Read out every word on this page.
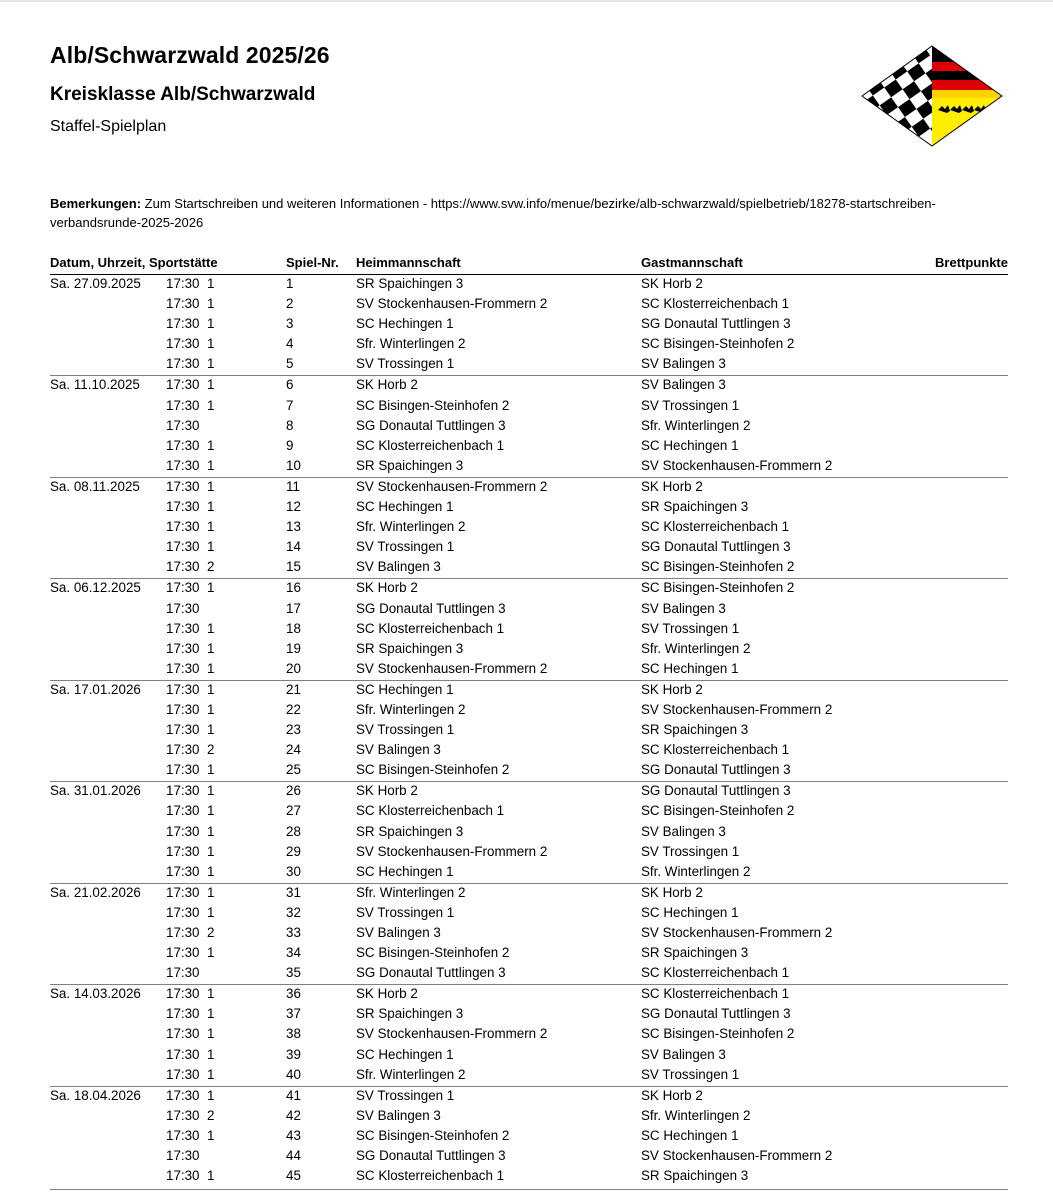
Alb/Schwarzwald 2025/26
Kreisklasse Alb/Schwarzwald
Staffel-Spielplan
Bemerkungen: Zum Startschreiben und weiteren Informationen - https://www.svw.info/menue/bezirke/alb-schwarzwald/spielbetrieb/18278-startschreiben-verbandsrunde-2025-2026
Datum, Uhrzeit, Sportstätte	Spiel-Nr. Heimmannschaft	Gastmannschaft	Brettpunkte
Sa. 27.09.2025 17:30 1	1	SR Spaichingen 3	SK Horb 2
17:30 1	2	SV Stockenhausen-Frommern 2	SC Klosterreichenbach 1
17:30 1	3	SC Hechingen 1	SG Donautal Tuttlingen 3
17:30 1	4	Sfr. Winterlingen 2	SC Bisingen-Steinhofen 2
17:30 1	5	SV Trossingen 1	SV Balingen 3
Sa. 11.10.2025 17:30 1	6	SK Horb 2	SV Balingen 3
17:30 1	7	SC Bisingen-Steinhofen 2	SV Trossingen 1
17:30	8	SG Donautal Tuttlingen 3	Sfr. Winterlingen 2
17:30 1	9	SC Klosterreichenbach 1	SC Hechingen 1
17:30 1	10	SR Spaichingen 3	SV Stockenhausen-Frommern 2
Sa. 08.11.2025 17:30 1	11	SV Stockenhausen-Frommern 2	SK Horb 2
17:30 1	12	SC Hechingen 1	SR Spaichingen 3
17:30 1	13	Sfr. Winterlingen 2	SC Klosterreichenbach 1
17:30 1	14	SV Trossingen 1	SG Donautal Tuttlingen 3
17:30 2	15	SV Balingen 3	SC Bisingen-Steinhofen 2
Sa. 06.12.2025 17:30 1	16	SK Horb 2	SC Bisingen-Steinhofen 2
17:30	17	SG Donautal Tuttlingen 3	SV Balingen 3
17:30 1	18	SC Klosterreichenbach 1	SV Trossingen 1
17:30 1	19	SR Spaichingen 3	Sfr. Winterlingen 2
17:30 1	20	SV Stockenhausen-Frommern 2	SC Hechingen 1
Sa. 17.01.2026 17:30 1	21	SC Hechingen 1	SK Horb 2
17:30 1	22	Sfr. Winterlingen 2	SV Stockenhausen-Frommern 2
17:30 1	23	SV Trossingen 1	SR Spaichingen 3
17:30 2	24	SV Balingen 3	SC Klosterreichenbach 1
17:30 1	25	SC Bisingen-Steinhofen 2	SG Donautal Tuttlingen 3
Sa. 31.01.2026 17:30 1	26	SK Horb 2	SG Donautal Tuttlingen 3
17:30 1	27	SC Klosterreichenbach 1	SC Bisingen-Steinhofen 2
17:30 1	28	SR Spaichingen 3	SV Balingen 3
17:30 1	29	SV Stockenhausen-Frommern 2	SV Trossingen 1
17:30 1	30	SC Hechingen 1	Sfr. Winterlingen 2
Sa. 21.02.2026 17:30 1	31	Sfr. Winterlingen 2	SK Horb 2
17:30 1	32	SV Trossingen 1	SC Hechingen 1
17:30 2	33	SV Balingen 3	SV Stockenhausen-Frommern 2
17:30 1	34	SC Bisingen-Steinhofen 2	SR Spaichingen 3
17:30	35	SG Donautal Tuttlingen 3	SC Klosterreichenbach 1
Sa. 14.03.2026 17:30 1	36	SK Horb 2	SC Klosterreichenbach 1
17:30 1	37	SR Spaichingen 3	SG Donautal Tuttlingen 3
17:30 1	38	SV Stockenhausen-Frommern 2	SC Bisingen-Steinhofen 2
17:30 1	39	SC Hechingen 1	SV Balingen 3
17:30 1	40	Sfr. Winterlingen 2	SV Trossingen 1
Sa. 18.04.2026 17:30 1	41	SV Trossingen 1	SK Horb 2
17:30 2	42	SV Balingen 3	Sfr. Winterlingen 2
17:30 1	43	SC Bisingen-Steinhofen 2	SC Hechingen 1
17:30	44	SG Donautal Tuttlingen 3	SV Stockenhausen-Frommern 2
17:30 1	45	SC Klosterreichenbach 1	SR Spaichingen 3
